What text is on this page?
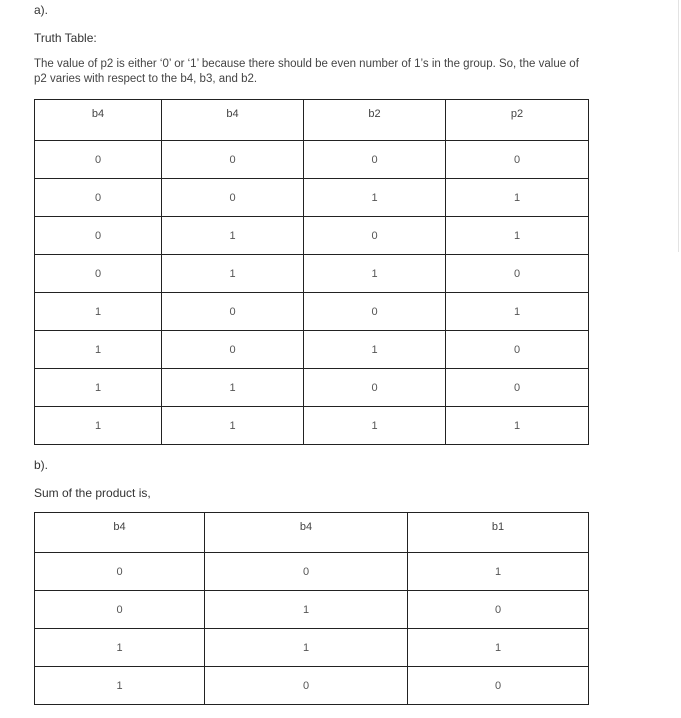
a).
Truth Table:
The value of p2 is either ‘0’ or ‘1’ because there should be even number of 1’s in the group. So, the value of p2 varies with respect to the b4, b3, and b2.
b4	b4	b2	p2
0	0	0	0
0	0	1	1
0	1	0	1
0	1	1	0
1	0	0	1
1	0	1	0
1	1	0	0
1	1	1	1
b).
Sum of the product is,
b4	b4	b1
0	0	1
0	1	0
1	1	1
1	0	0
